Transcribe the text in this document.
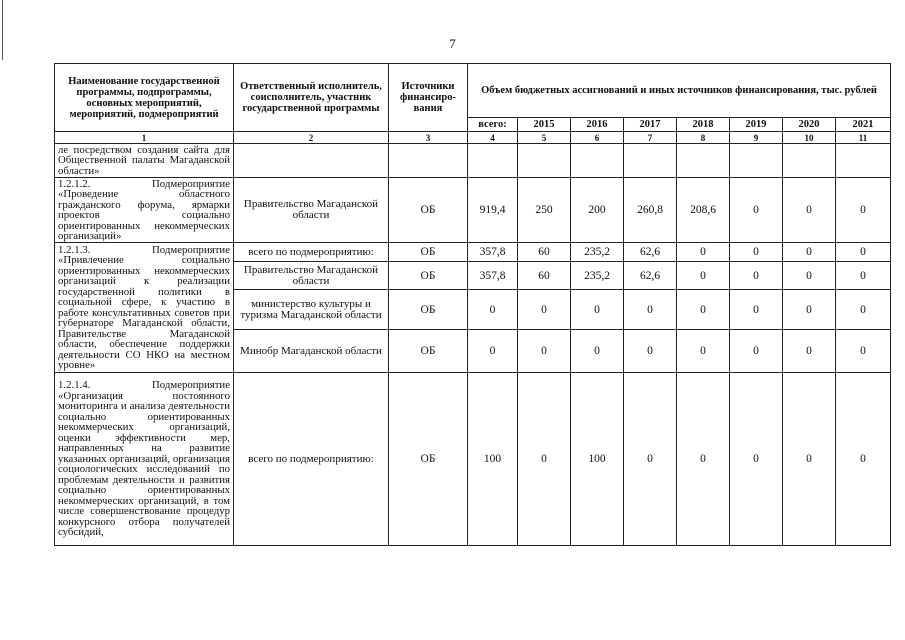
7
Наименование государственной программы, подпрограммы, основных мероприятий, мероприятий, подмероприятий	Ответственный исполнитель, соисполнитель, участник государственной программы	Источники финансиро-вания	Объем бюджетных ассигнований и иных источников финансирования, тыс. рублей							
			всего:	2015	2016	2017	2018	2019	2020	2021
1	2	3	4	5	6	7	8	9	10	11
ле посредством создания сайта для Общественной палаты Магаданской области»										
1.2.1.2. Подмероприятие «Проведение областного гражданского форума, ярмарки проектов социально ориентированных некоммерческих организаций»	Правительство Магаданской области	ОБ	919,4	250	200	260,8	208,6	0	0	0
1.2.1.3. Подмероприятие «Привлечение социально ориентированных некоммерческих организаций к реализации государственной политики в социальной сфере, к участию в работе консультативных советов при губернаторе Магаданской области, Правительстве Магаданской области, обеспечение поддержки деятельности СО НКО на местном уровне»	всего по подмероприятию:	ОБ	357,8	60	235,2	62,6	0	0	0	0
	Правительство Магаданской области	ОБ	357,8	60	235,2	62,6	0	0	0	0
	министерство культуры и туризма Магаданской области	ОБ	0	0	0	0	0	0	0	0
	Минобр Магаданской области	ОБ	0	0	0	0	0	0	0	0
1.2.1.4. Подмероприятие «Организация постоянного мониторинга и анализа деятельности социально ориентированных некоммерческих организаций, оценки эффективности мер, направленных на развитие указанных организаций, организация социологических исследований по проблемам деятельности и развития социально ориентированных некоммерческих организаций, в том числе совершенствование процедур конкурсного отбора получателей субсидий,	всего по подмероприятию:	ОБ	100	0	100	0	0	0	0	0
